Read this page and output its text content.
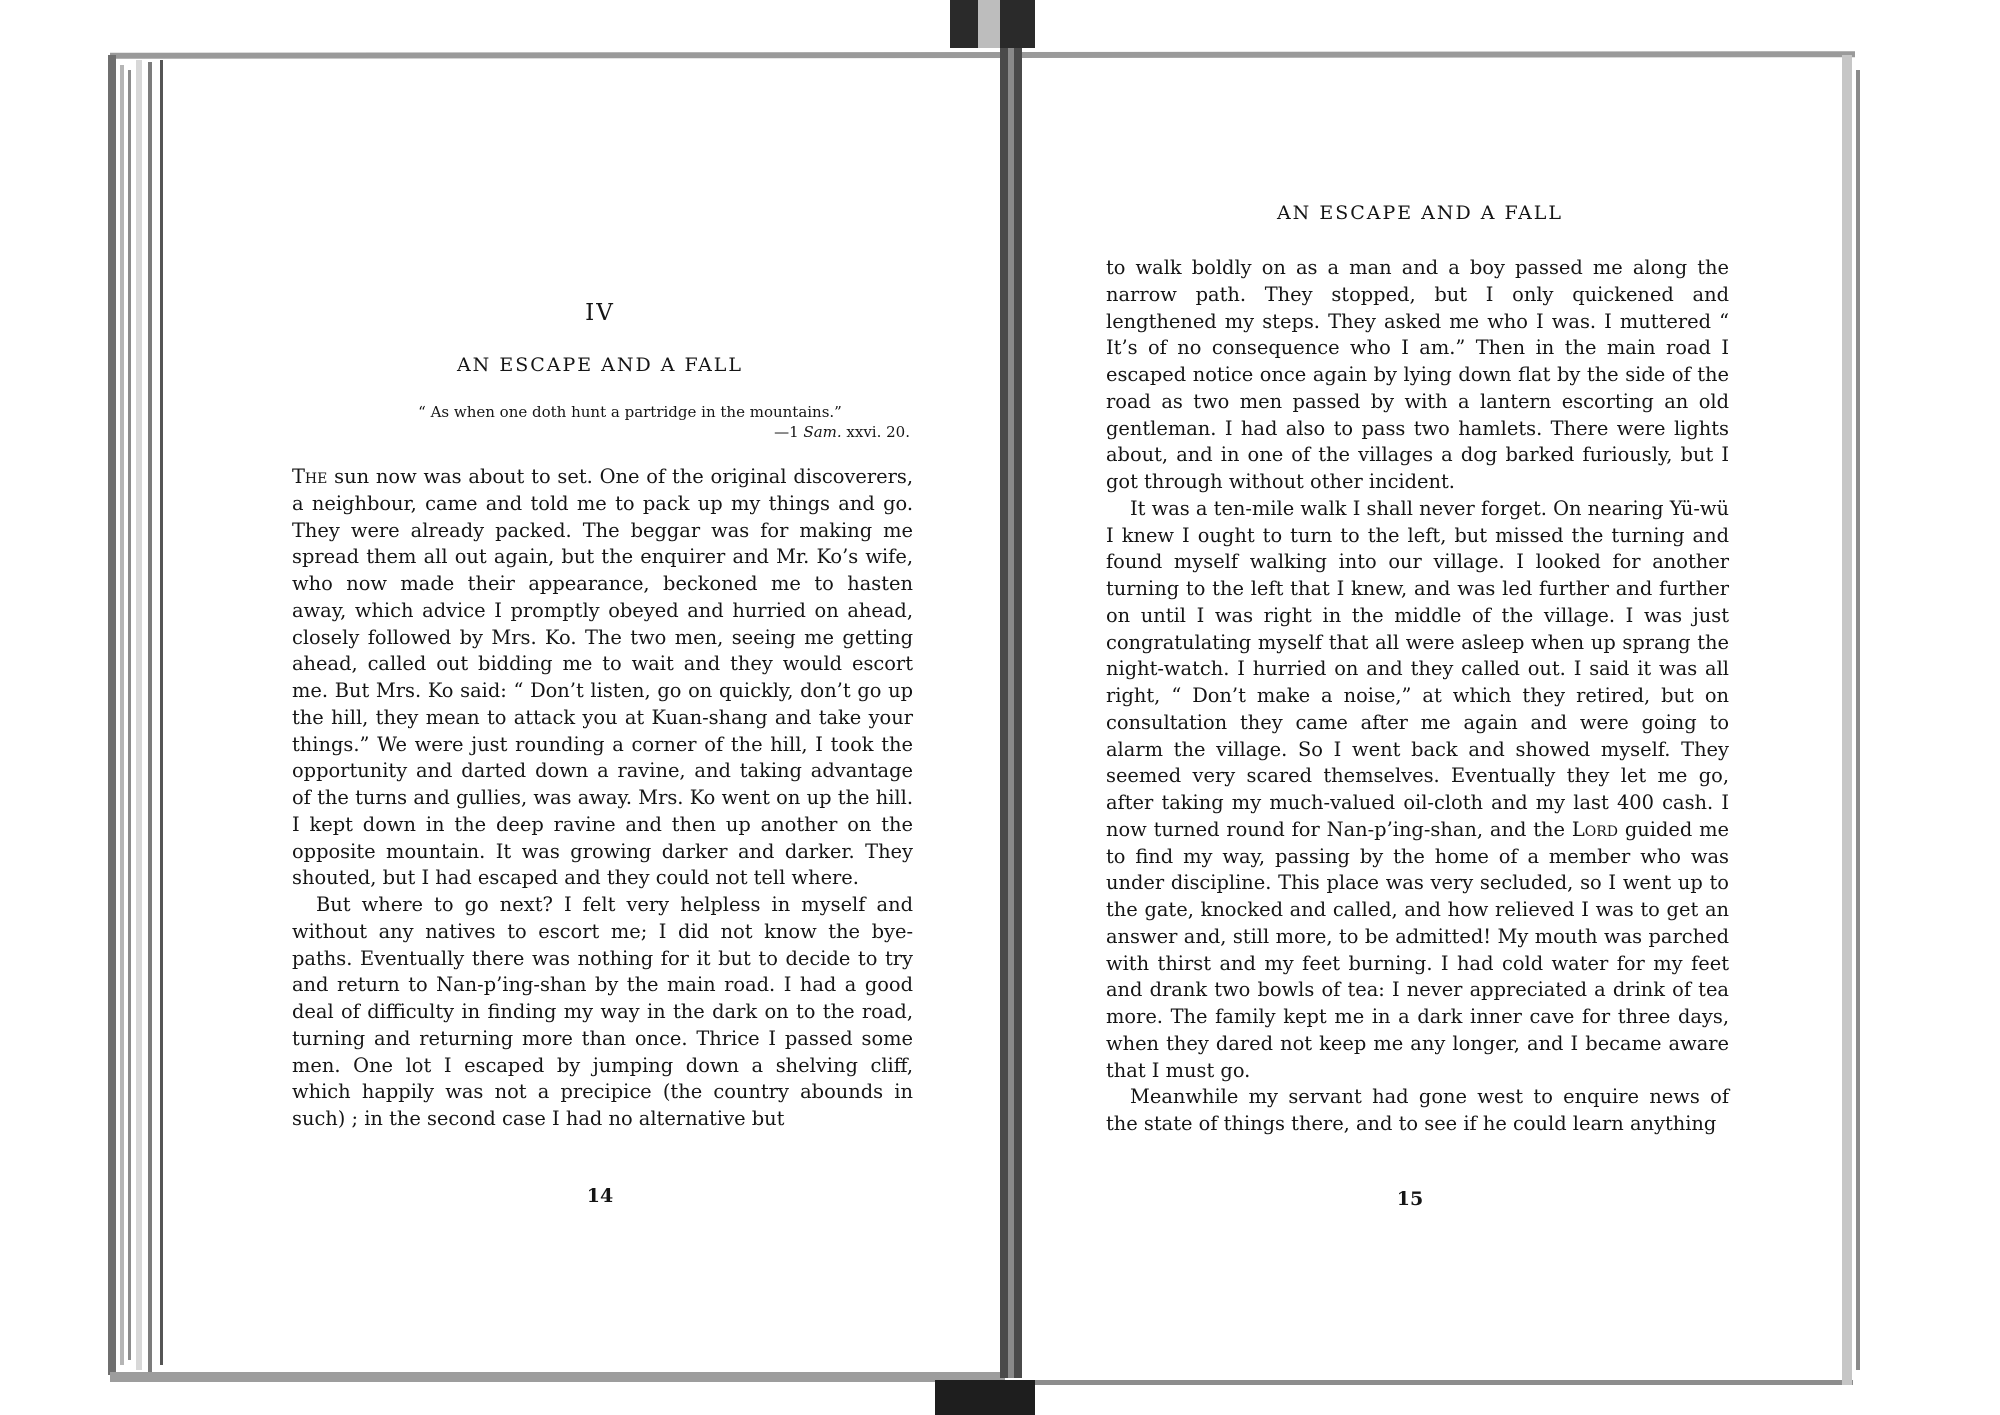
IV
AN ESCAPE AND A FALL
“ As when one doth hunt a partridge in the mountains.”
—1 Sam. xxvi. 20.

The sun now was about to set. One of the original discoverers, a neighbour, came and told me to pack up my things and go. They were already packed. The beggar was for making me spread them all out again, but the enquirer and Mr. Ko’s wife, who now made their appearance, beckoned me to hasten away, which advice I promptly obeyed and hurried on ahead, closely followed by Mrs. Ko. The two men, seeing me getting ahead, called out bidding me to wait and they would escort me. But Mrs. Ko said: “ Don’t listen, go on quickly, don’t go up the hill, they mean to attack you at Kuan-shang and take your things.” We were just rounding a corner of the hill, I took the opportunity and darted down a ravine, and taking advantage of the turns and gullies, was away. Mrs. Ko went on up the hill. I kept down in the deep ravine and then up another on the opposite mountain. It was growing darker and darker. They shouted, but I had escaped and they could not tell where.

But where to go next? I felt very helpless in myself and without any natives to escort me; I did not know the bye-paths. Eventually there was nothing for it but to decide to try and return to Nan-p’ing-shan by the main road. I had a good deal of difficulty in finding my way in the dark on to the road, turning and returning more than once. Thrice I passed some men. One lot I escaped by jumping down a shelving cliff, which happily was not a precipice (the country abounds in such) ; in the second case I had no alternative but

14
AN ESCAPE AND A FALL

to walk boldly on as a man and a boy passed me along the narrow path. They stopped, but I only quickened and lengthened my steps. They asked me who I was. I muttered “ It’s of no consequence who I am.” Then in the main road I escaped notice once again by lying down flat by the side of the road as two men passed by with a lantern escorting an old gentleman. I had also to pass two hamlets. There were lights about, and in one of the villages a dog barked furiously, but I got through without other incident.

It was a ten-mile walk I shall never forget. On nearing Yü-wü I knew I ought to turn to the left, but missed the turning and found myself walking into our village. I looked for another turning to the left that I knew, and was led further and further on until I was right in the middle of the village. I was just congratulating myself that all were asleep when up sprang the night-watch. I hurried on and they called out. I said it was all right, “ Don’t make a noise,” at which they retired, but on consultation they came after me again and were going to alarm the village. So I went back and showed myself. They seemed very scared themselves. Eventually they let me go, after taking my much-valued oil-cloth and my last 400 cash. I now turned round for Nan-p’ing-shan, and the Lord guided me to find my way, passing by the home of a member who was under discipline. This place was very secluded, so I went up to the gate, knocked and called, and how relieved I was to get an answer and, still more, to be admitted! My mouth was parched with thirst and my feet burning. I had cold water for my feet and drank two bowls of tea: I never appreciated a drink of tea more. The family kept me in a dark inner cave for three days, when they dared not keep me any longer, and I became aware that I must go.

Meanwhile my servant had gone west to enquire news of the state of things there, and to see if he could learn anything

15
